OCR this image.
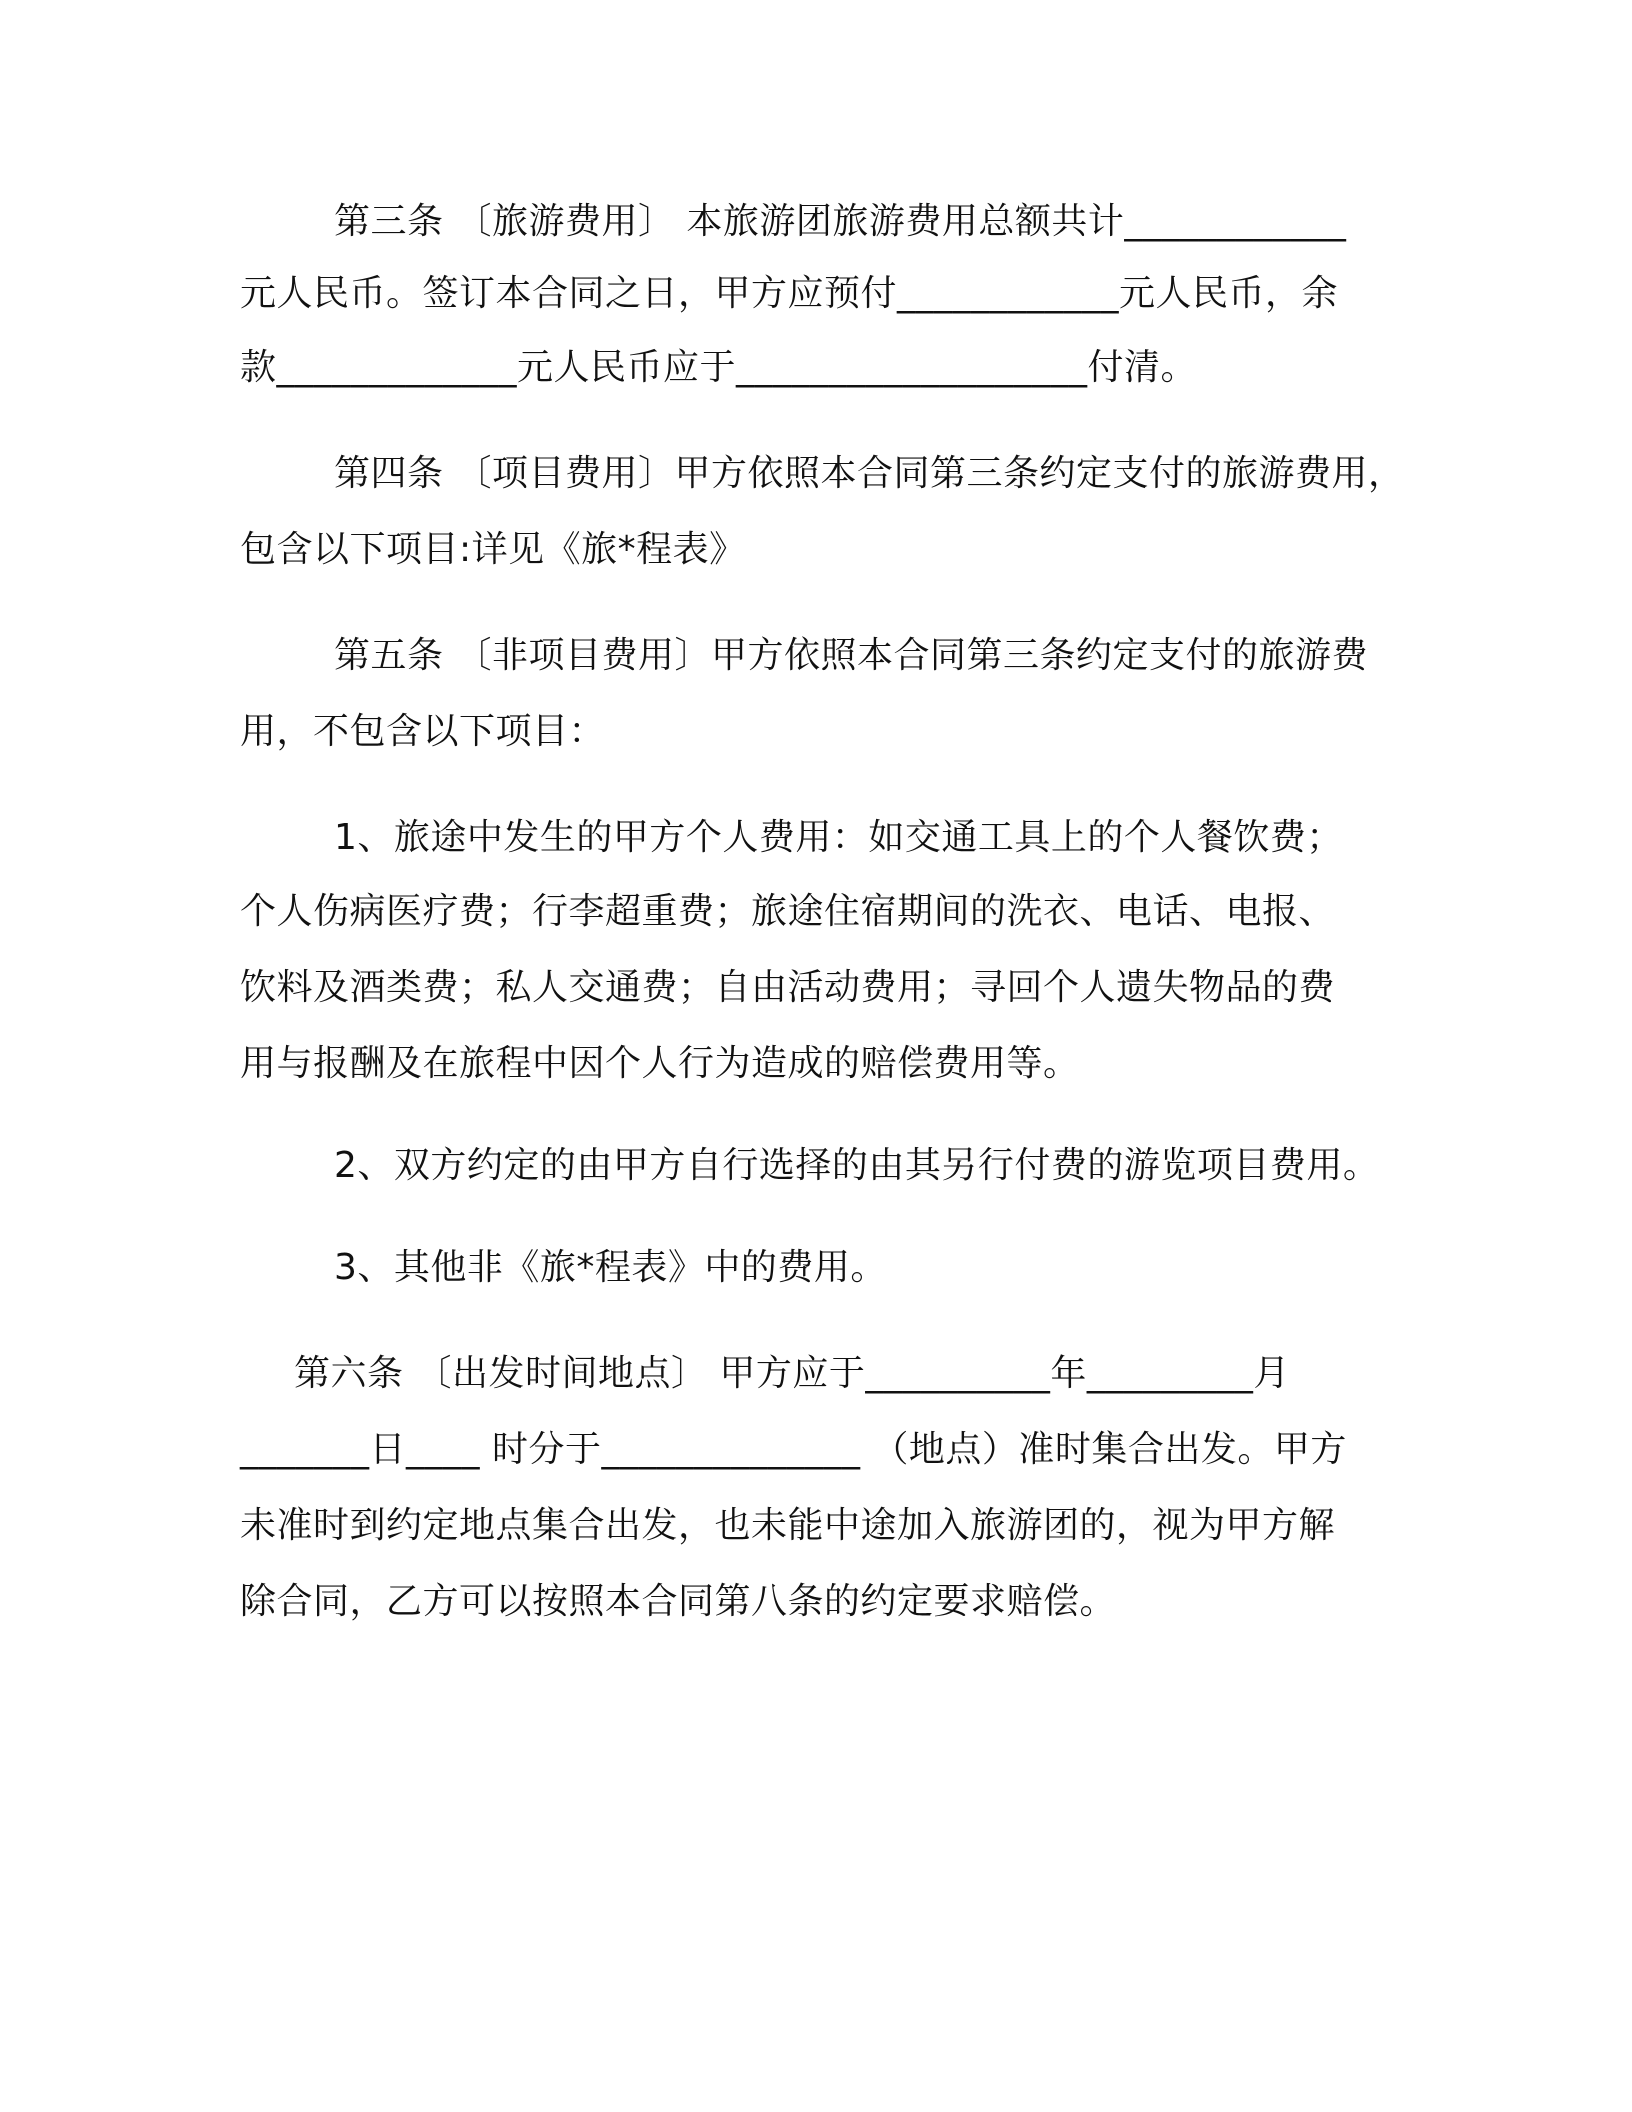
第三条 〔旅游费用〕 本旅游团旅游费用总额共计____________
元人民币。签订本合同之日，甲方应预付____________元人民币，余
款_____________元人民币应于___________________付清。
第四条 〔项目费用〕甲方依照本合同第三条约定支付的旅游费用，
包含以下项目:详见《旅*程表》
第五条 〔非项目费用〕甲方依照本合同第三条约定支付的旅游费
用，不包含以下项目：
1、旅途中发生的甲方个人费用：如交通工具上的个人餐饮费；
个人伤病医疗费；行李超重费；旅途住宿期间的洗衣、电话、电报、
饮料及酒类费；私人交通费；自由活动费用；寻回个人遗失物品的费
用与报酬及在旅程中因个人行为造成的赔偿费用等。
2、双方约定的由甲方自行选择的由其另行付费的游览项目费用。
3、其他非《旅*程表》中的费用。
第六条 〔出发时间地点〕 甲方应于__________年_________月
_______日____ 时分于______________ （地点）准时集合出发。甲方
未准时到约定地点集合出发，也未能中途加入旅游团的，视为甲方解
除合同，乙方可以按照本合同第八条的约定要求赔偿。
